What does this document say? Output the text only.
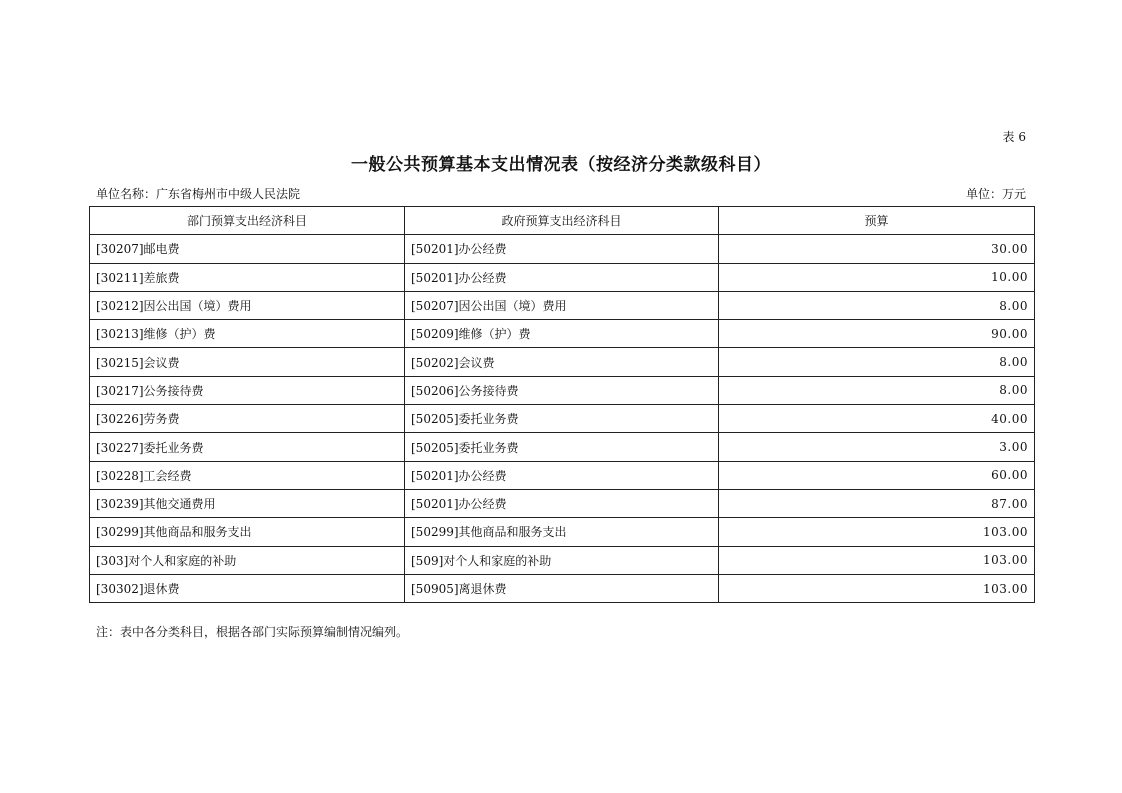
表 6
一般公共预算基本支出情况表（按经济分类款级科目）
单位名称：广东省梅州市中级人民法院	单位：万元
部门预算支出经济科目	政府预算支出经济科目	预算
[30207]邮电费	[50201]办公经费	30.00
[30211]差旅费	[50201]办公经费	10.00
[30212]因公出国（境）费用	[50207]因公出国（境）费用	8.00
[30213]维修（护）费	[50209]维修（护）费	90.00
[30215]会议费	[50202]会议费	8.00
[30217]公务接待费	[50206]公务接待费	8.00
[30226]劳务费	[50205]委托业务费	40.00
[30227]委托业务费	[50205]委托业务费	3.00
[30228]工会经费	[50201]办公经费	60.00
[30239]其他交通费用	[50201]办公经费	87.00
[30299]其他商品和服务支出	[50299]其他商品和服务支出	103.00
[303]对个人和家庭的补助	[509]对个人和家庭的补助	103.00
[30302]退休费	[50905]离退休费	103.00
注：表中各分类科目，根据各部门实际预算编制情况编列。
